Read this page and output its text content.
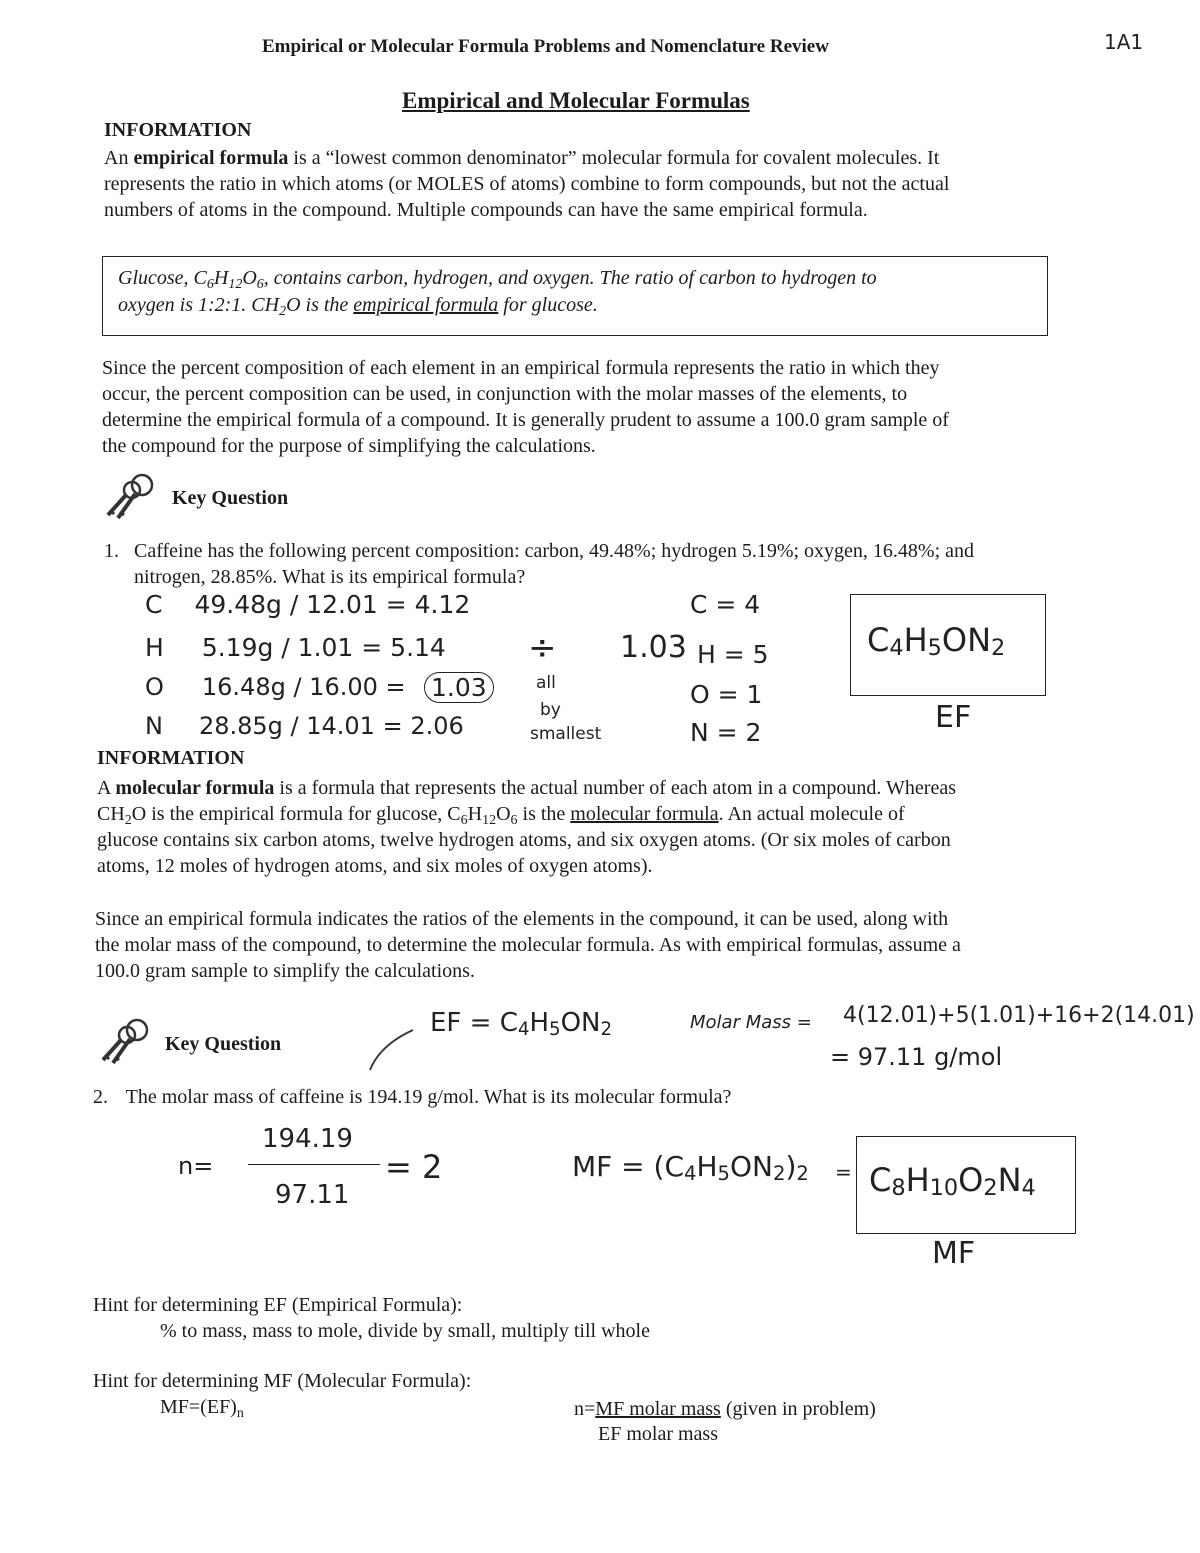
Empirical or Molecular Formula Problems and Nomenclature Review	1A1
Empirical and Molecular Formulas
INFORMATION

An empirical formula is a “lowest common denominator” molecular formula for covalent molecules. It

represents the ratio in which atoms (or MOLES of atoms) combine to form compounds, but not the actual

numbers of atoms in the compound. Multiple compounds can have the same empirical formula.

Glucose, $C_6H_{12}O_6$, contains carbon, hydrogen, and oxygen. The ratio of carbon to hydrogen to
oxygen is 1:2:1. $CH_2O$ is the empirical formula for glucose.

Since the percent composition of each element in an empirical formula represents the ratio in which they

occur, the percent composition can be used, in conjunction with the molar masses of the elements, to

determine the empirical formula of a compound. It is generally prudent to assume a 100.0 gram sample of

the compound for the purpose of simplifying the calculations.

Key Question
1. Caffeine has the following percent composition: carbon, 49.48%; hydrogen 5.19%; oxygen, 16.48%; and
nitrogen, 28.85%. What is its empirical formula?
C 49.48g / 12.01 = 4.12
H 5.19g / 1.01 = 5.14
O 16.48g / 16.00 = 1.03
N 28.85g / 14.01 = 2.06
÷
all
by
smallest
1.03
C = 4
H = 5
O = 1
N = 2
$C_4H_5ON_2$
EF
INFORMATION

A molecular formula is a formula that represents the actual number of each atom in a compound. Whereas

$CH_2O$ is the empirical formula for glucose, $C_6H_{12}O_6$ is the molecular formula. An actual molecule of

glucose contains six carbon atoms, twelve hydrogen atoms, and six oxygen atoms. (Or six moles of carbon

atoms, 12 moles of hydrogen atoms, and six moles of oxygen atoms).

Since an empirical formula indicates the ratios of the elements in the compound, it can be used, along with

the molar mass of the compound, to determine the molecular formula. As with empirical formulas, assume a

100.0 gram sample to simplify the calculations.

Key Question
EF = $C_4H_5ON_2$	Molar Mass = 4(12.01)+5(1.01)+16+2(14.01)
= 97.11 g/mol
2. The molar mass of caffeine is 194.19 g/mol. What is its molecular formula?
n=
194.19
97.11
= 2	MF = $(C_4H_5ON_2)_2 = C_8H_{10}O_2N_4$
MF
Hint for determining EF (Empirical Formula):
% to mass, mass to mole, divide by small, multiply till whole
Hint for determining MF (Molecular Formula):
$MF=(EF)_n$	n=MF molar mass (given in problem)
EF molar mass
